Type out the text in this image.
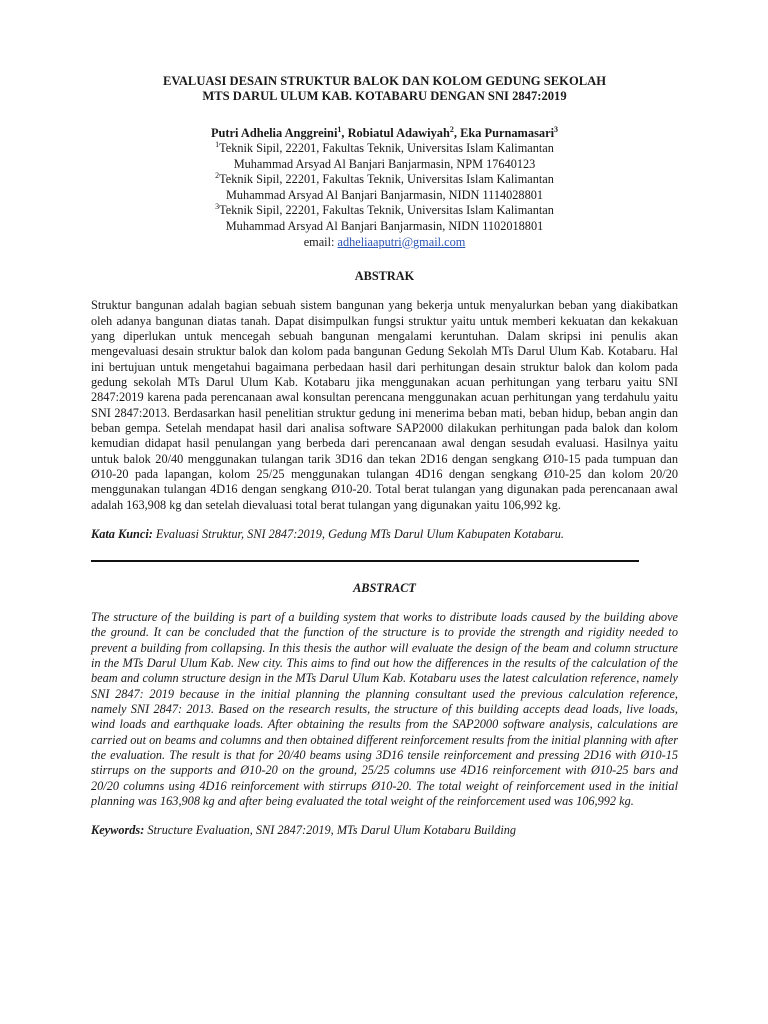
EVALUASI DESAIN STRUKTUR BALOK DAN KOLOM GEDUNG SEKOLAH
MTS DARUL ULUM KAB. KOTABARU DENGAN SNI 2847:2019
Putri Adhelia Anggreini$^1$, Robiatul Adawiyah$^2$, Eka Purnamasari$^3$
$^1$Teknik Sipil, 22201, Fakultas Teknik, Universitas Islam Kalimantan
Muhammad Arsyad Al Banjari Banjarmasin, NPM 17640123
$^2$Teknik Sipil, 22201, Fakultas Teknik, Universitas Islam Kalimantan
Muhammad Arsyad Al Banjari Banjarmasin, NIDN 1114028801
$^3$Teknik Sipil, 22201, Fakultas Teknik, Universitas Islam Kalimantan
Muhammad Arsyad Al Banjari Banjarmasin, NIDN 1102018801
email: adheliaaputri@gmail.com
ABSTRAK

Struktur bangunan adalah bagian sebuah sistem bangunan yang bekerja untuk menyalurkan beban yang diakibatkan oleh adanya bangunan diatas tanah. Dapat disimpulkan fungsi struktur yaitu untuk memberi kekuatan dan kekakuan yang diperlukan untuk mencegah sebuah bangunan mengalami keruntuhan. Dalam skripsi ini penulis akan mengevaluasi desain struktur balok dan kolom pada bangunan Gedung Sekolah MTs Darul Ulum Kab. Kotabaru. Hal ini bertujuan untuk mengetahui bagaimana perbedaan hasil dari perhitungan desain struktur balok dan kolom pada gedung sekolah MTs Darul Ulum Kab. Kotabaru jika menggunakan acuan perhitungan yang terbaru yaitu SNI 2847:2019 karena pada perencanaan awal konsultan perencana menggunakan acuan perhitungan yang terdahulu yaitu SNI 2847:2013. Berdasarkan hasil penelitian struktur gedung ini menerima beban mati, beban hidup, beban angin dan beban gempa. Setelah mendapat hasil dari analisa software SAP2000 dilakukan perhitungan pada balok dan kolom kemudian didapat hasil penulangan yang berbeda dari perencanaan awal dengan sesudah evaluasi. Hasilnya yaitu untuk balok 20/40 menggunakan tulangan tarik 3D16 dan tekan 2D16 dengan sengkang Ø10-15 pada tumpuan dan Ø10-20 pada lapangan, kolom 25/25 menggunakan tulangan 4D16 dengan sengkang Ø10-25 dan kolom 20/20 menggunakan tulangan 4D16 dengan sengkang Ø10-20. Total berat tulangan yang digunakan pada perencanaan awal adalah 163,908 kg dan setelah dievaluasi total berat tulangan yang digunakan yaitu 106,992 kg.

Kata Kunci: Evaluasi Struktur, SNI 2847:2019, Gedung MTs Darul Ulum Kabupaten Kotabaru.
ABSTRACT

The structure of the building is part of a building system that works to distribute loads caused by the building above the ground. It can be concluded that the function of the structure is to provide the strength and rigidity needed to prevent a building from collapsing. In this thesis the author will evaluate the design of the beam and column structure in the MTs Darul Ulum Kab. New city. This aims to find out how the differences in the results of the calculation of the beam and column structure design in the MTs Darul Ulum Kab. Kotabaru uses the latest calculation reference, namely SNI 2847: 2019 because in the initial planning the planning consultant used the previous calculation reference, namely SNI 2847: 2013. Based on the research results, the structure of this building accepts dead loads, live loads, wind loads and earthquake loads. After obtaining the results from the SAP2000 software analysis, calculations are carried out on beams and columns and then obtained different reinforcement results from the initial planning with after the evaluation. The result is that for 20/40 beams using 3D16 tensile reinforcement and pressing 2D16 with Ø10-15 stirrups on the supports and Ø10-20 on the ground, 25/25 columns use 4D16 reinforcement with Ø10-25 bars and 20/20 columns using 4D16 reinforcement with stirrups Ø10-20. The total weight of reinforcement used in the initial planning was 163,908 kg and after being evaluated the total weight of the reinforcement used was 106,992 kg.

Keywords: Structure Evaluation, SNI 2847:2019, MTs Darul Ulum Kotabaru Building
